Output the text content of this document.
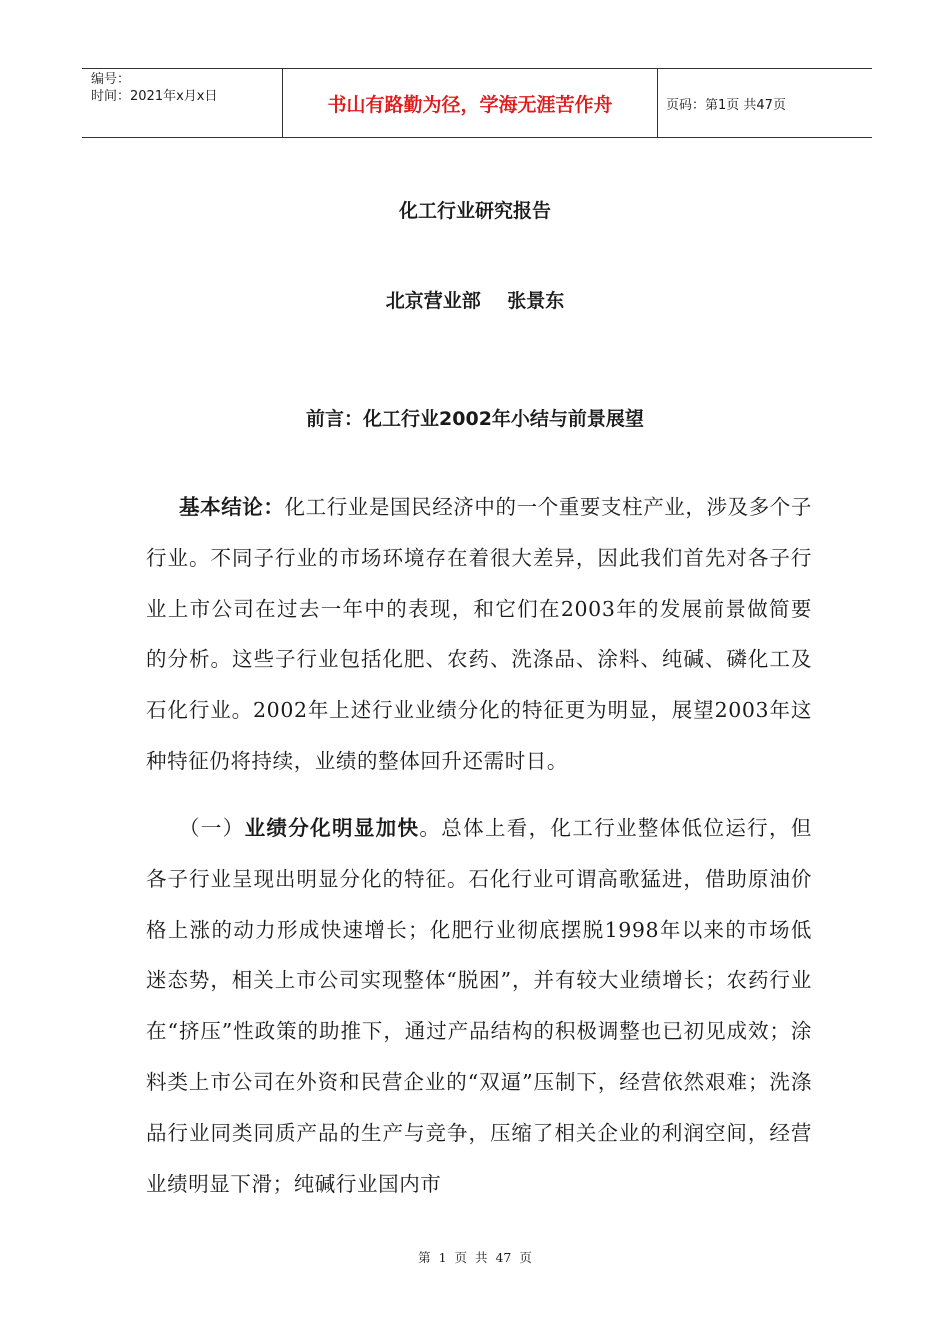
编号：
时间：2021年x月x日	书山有路勤为径，学海无涯苦作舟	页码：第1页 共47页
化工行业研究报告
北京营业部    张景东
前言：化工行业2002年小结与前景展望
基本结论：化工行业是国民经济中的一个重要支柱产业，涉及多个子行业。不同子行业的市场环境存在着很大差异，因此我们首先对各子行业上市公司在过去一年中的表现，和它们在2003年的发展前景做简要的分析。这些子行业包括化肥、农药、洗涤品、涂料、纯碱、磷化工及石化行业。2002年上述行业业绩分化的特征更为明显，展望2003年这种特征仍将持续，业绩的整体回升还需时日。
（一）业绩分化明显加快。总体上看，化工行业整体低位运行，但各子行业呈现出明显分化的特征。石化行业可谓高歌猛进，借助原油价格上涨的动力形成快速增长；化肥行业彻底摆脱1998年以来的市场低迷态势，相关上市公司实现整体“脱困”，并有较大业绩增长；农药行业在“挤压”性政策的助推下，通过产品结构的积极调整也已初见成效；涂料类上市公司在外资和民营企业的“双逼”压制下，经营依然艰难；洗涤品行业同类同质产品的生产与竞争，压缩了相关企业的利润空间，经营业绩明显下滑；纯碱行业国内市
第 1 页 共 47 页
